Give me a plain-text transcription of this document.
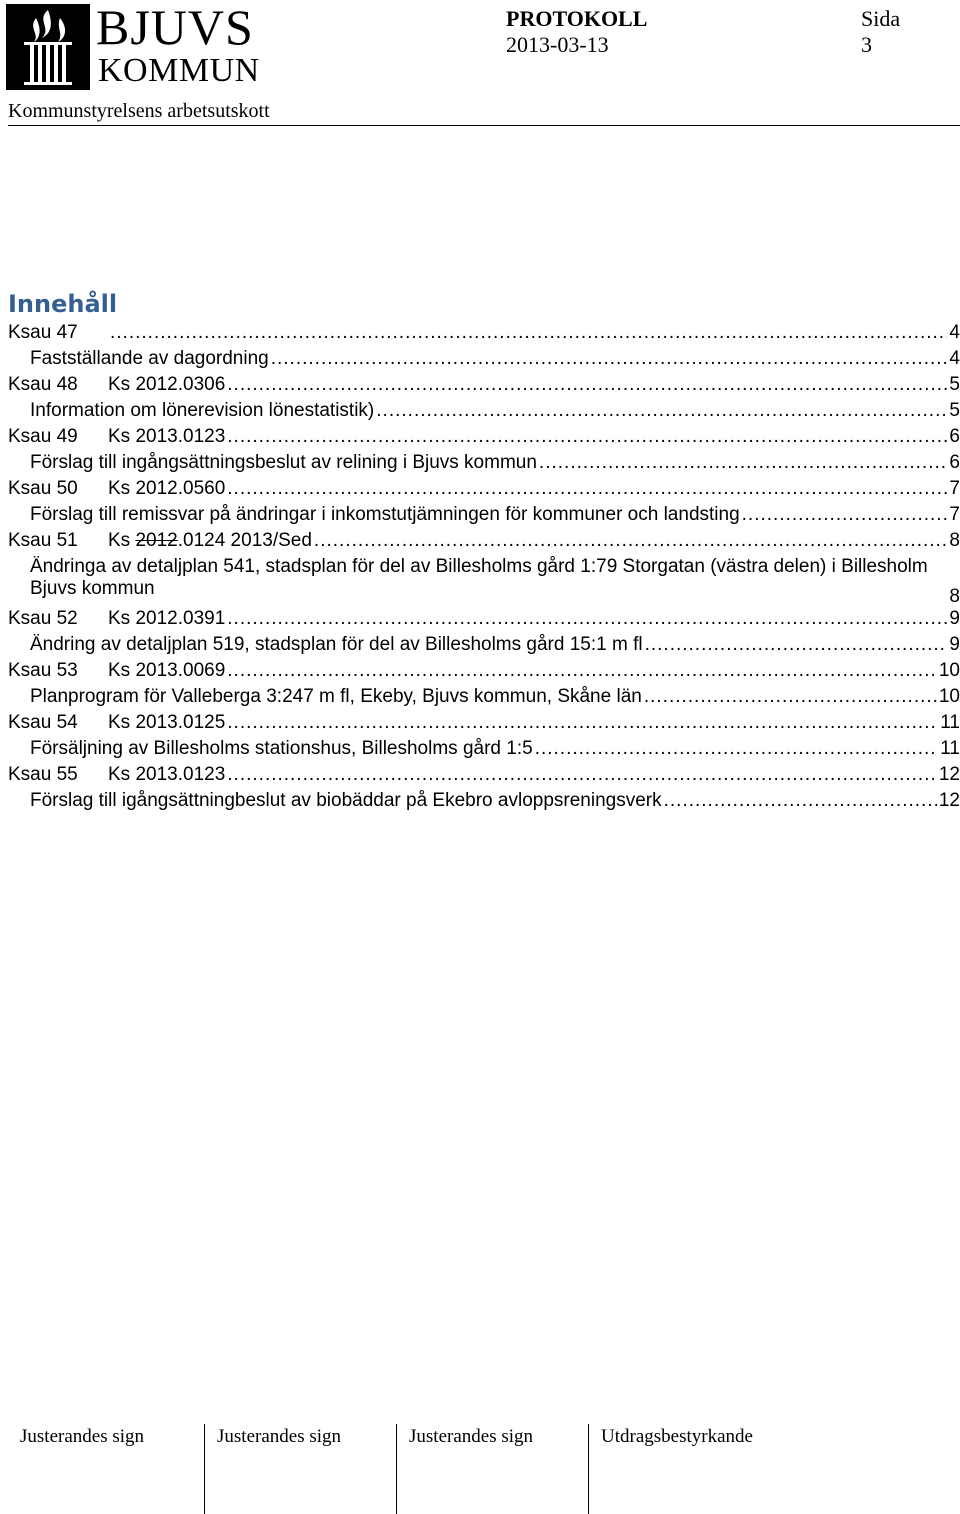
BJUVS
KOMMUN
PROTOKOLL
2013-03-13
Sida
3
Kommunstyrelsens arbetsutskott
Innehåll
Ksau 47 .....	4
Fastställande av dagordning .....	4
Ksau 48 Ks 2012.0306 .....	5
Information om lönerevision lönestatistik) .....	5
Ksau 49 Ks 2013.0123 .....	6
Förslag till ingångsättningsbeslut av relining i Bjuvs kommun .....	6
Ksau 50 Ks 2012.0560 .....	7
Förslag till remissvar på ändringar i inkomstutjämningen för kommuner och landsting .....	7
Ksau 51 Ks 2012.0124 2013/Sed .....	8
Ändringa av detaljplan 541, stadsplan för del av Billesholms gård 1:79 Storgatan (västra delen) i Billesholm Bjuvs kommun	8
Ksau 52 Ks 2012.0391 .....	9
Ändring av detaljplan 519, stadsplan för del av Billesholms gård 15:1 m fl .....	9
Ksau 53 Ks 2013.0069 .....	10
Planprogram för Valleberga 3:247 m fl, Ekeby, Bjuvs kommun, Skåne län .....	10
Ksau 54 Ks 2013.0125 .....	11
Försäljning av Billesholms stationshus, Billesholms gård 1:5 .....	11
Ksau 55 Ks 2013.0123 .....	12
Förslag till igångsättningbeslut av biobäddar på Ekebro avloppsreningsverk .....	12
Justerandes sign	Justerandes sign	Justerandes sign	Utdragsbestyrkande
